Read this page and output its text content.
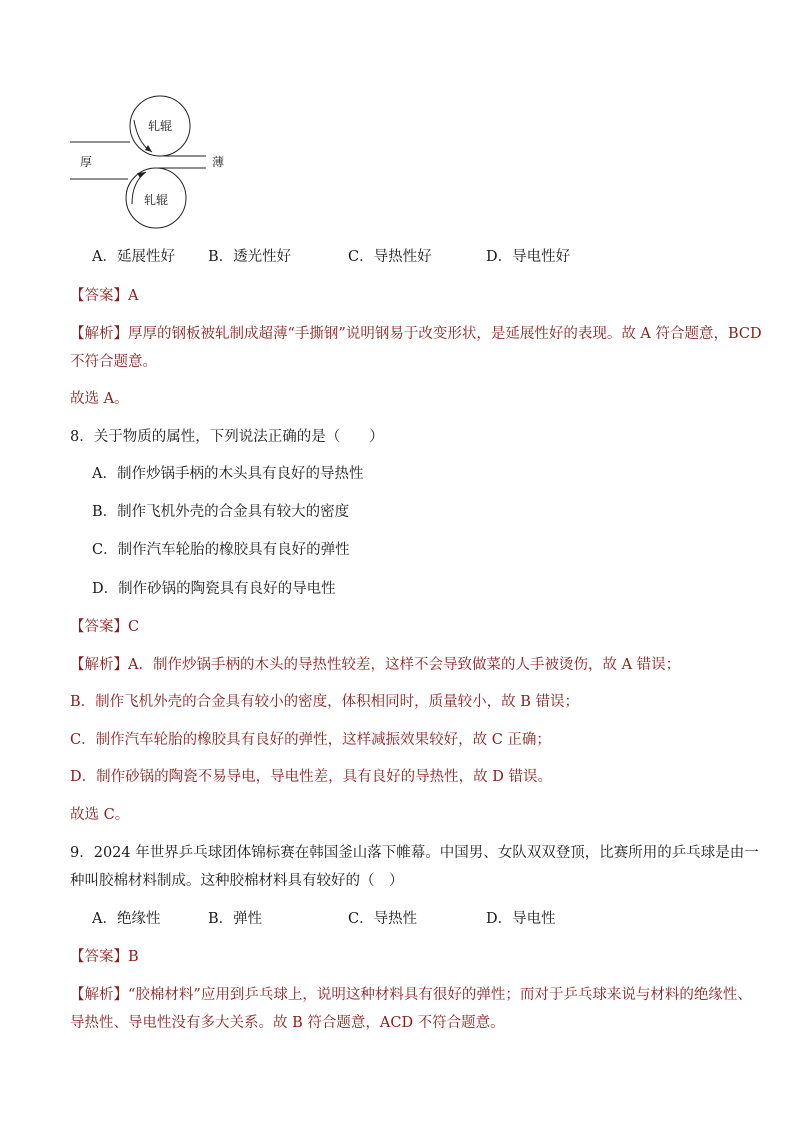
轧辊
轧辊
厚	薄
A．延展性好 B．透光性好	C．导热性好	D．导电性好
【答案】A
【解析】厚厚的钢板被轧制成超薄“手撕钢”说明钢易于改变形状，是延展性好的表现。故 A 符合题意，BCD
不符合题意。
故选 A。
8．关于物质的属性，下列说法正确的是（　　）
A．制作炒锅手柄的木头具有良好的导热性
B．制作飞机外壳的合金具有较大的密度
C．制作汽车轮胎的橡胶具有良好的弹性
D．制作砂锅的陶瓷具有良好的导电性
【答案】C
【解析】A．制作炒锅手柄的木头的导热性较差，这样不会导致做菜的人手被烫伤，故 A 错误；
B．制作飞机外壳的合金具有较小的密度，体积相同时，质量较小，故 B 错误；
C．制作汽车轮胎的橡胶具有良好的弹性，这样减振效果较好，故 C 正确；
D．制作砂锅的陶瓷不易导电，导电性差，具有良好的导热性，故 D 错误。
故选 C。
9．2024 年世界乒乓球团体锦标赛在韩国釜山落下帷幕。中国男、女队双双登顶，比赛所用的乒乓球是由一
种叫胶棉材料制成。这种胶棉材料具有较好的（　）
A．绝缘性	B．弹性	C．导热性	D．导电性
【答案】B
【解析】“胶棉材料”应用到乒乓球上，说明这种材料具有很好的弹性；而对于乒乓球来说与材料的绝缘性、
导热性、导电性没有多大关系。故 B 符合题意，ACD 不符合题意。
